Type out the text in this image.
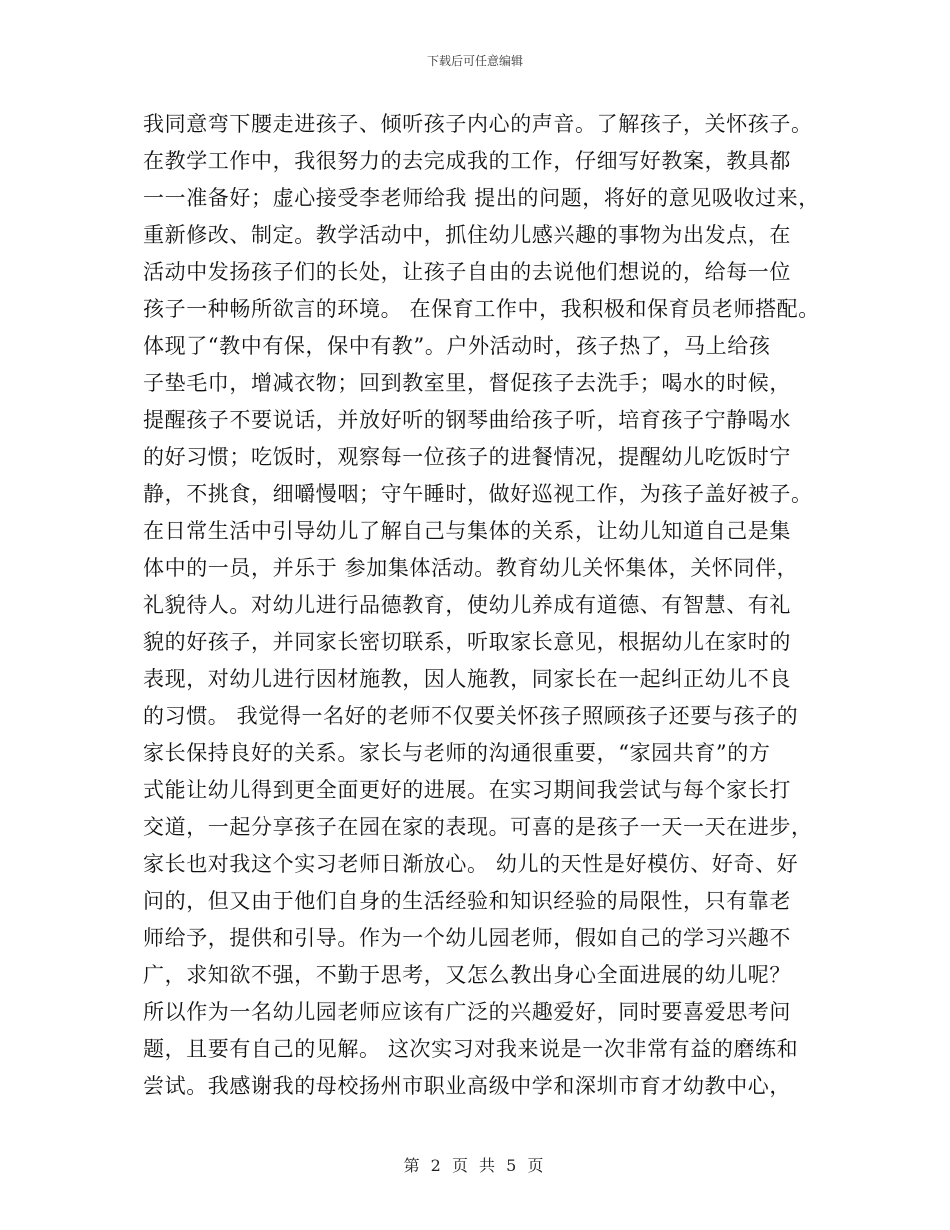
下载后可任意编辑
我同意弯下腰走进孩子、倾听孩子内心的声音。了解孩子，关怀孩子。
在教学工作中，我很努力的去完成我的工作，仔细写好教案，教具都
一一准备好；虚心接受李老师给我 提出的问题，将好的意见吸收过来，
重新修改、制定。教学活动中，抓住幼儿感兴趣的事物为出发点，在
活动中发扬孩子们的长处，让孩子自由的去说他们想说的，给每一位
孩子一种畅所欲言的环境。 在保育工作中，我积极和保育员老师搭配。
体现了“教中有保，保中有教”。户外活动时，孩子热了，马上给孩
子垫毛巾，增减衣物；回到教室里，督促孩子去洗手；喝水的时候，
提醒孩子不要说话，并放好听的钢琴曲给孩子听，培育孩子宁静喝水
的好习惯；吃饭时，观察每一位孩子的进餐情况，提醒幼儿吃饭时宁
静，不挑食，细嚼慢咽；守午睡时，做好巡视工作，为孩子盖好被子。
在日常生活中引导幼儿了解自己与集体的关系，让幼儿知道自己是集
体中的一员，并乐于 参加集体活动。教育幼儿关怀集体，关怀同伴，
礼貌待人。对幼儿进行品德教育，使幼儿养成有道德、有智慧、有礼
貌的好孩子，并同家长密切联系，听取家长意见，根据幼儿在家时的
表现，对幼儿进行因材施教，因人施教，同家长在一起纠正幼儿不良
的习惯。 我觉得一名好的老师不仅要关怀孩子照顾孩子还要与孩子的
家长保持良好的关系。家长与老师的沟通很重要，“家园共育”的方
式能让幼儿得到更全面更好的进展。在实习期间我尝试与每个家长打
交道，一起分享孩子在园在家的表现。可喜的是孩子一天一天在进步，
家长也对我这个实习老师日渐放心。 幼儿的天性是好模仿、好奇、好
问的，但又由于他们自身的生活经验和知识经验的局限性，只有靠老
师给予，提供和引导。作为一个幼儿园老师，假如自己的学习兴趣不
广，求知欲不强，不勤于思考，又怎么教出身心全面进展的幼儿呢？
所以作为一名幼儿园老师应该有广泛的兴趣爱好，同时要喜爱思考问
题，且要有自己的见解。 这次实习对我来说是一次非常有益的磨练和
尝试。我感谢我的母校扬州市职业高级中学和深圳市育才幼教中心，
第 2 页 共 5 页
